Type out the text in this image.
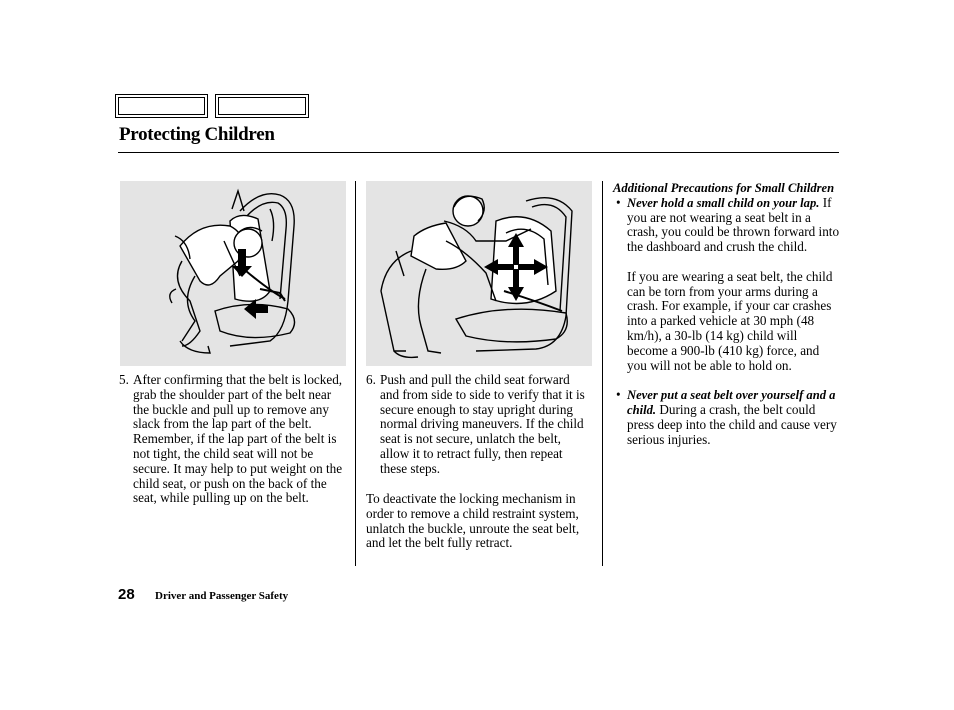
Protecting Children
5. After confirming that the belt is locked, grab the shoulder part of the belt near the buckle and pull up to remove any slack from the lap part of the belt. Remember, if the lap part of the belt is not tight, the child seat will not be secure. It may help to put weight on the child seat, or push on the back of the seat, while pulling up on the belt.
6. Push and pull the child seat forward and from side to side to verify that it is secure enough to stay upright during normal driving maneuvers. If the child seat is not secure, unlatch the belt, allow it to retract fully, then repeat these steps.
To deactivate the locking mechanism in order to remove a child restraint system, unlatch the buckle, unroute the seat belt, and let the belt fully retract.
Additional Precautions for Small Children
• Never hold a small child on your lap. If you are not wearing a seat belt in a crash, you could be thrown forward into the dashboard and crush the child.
If you are wearing a seat belt, the child can be torn from your arms during a crash. For example, if your car crashes into a parked vehicle at 30 mph (48 km/h), a 30-lb (14 kg) child will become a 900-lb (410 kg) force, and you will not be able to hold on.
• Never put a seat belt over yourself and a child. During a crash, the belt could press deep into the child and cause very serious injuries.
28 Driver and Passenger Safety
